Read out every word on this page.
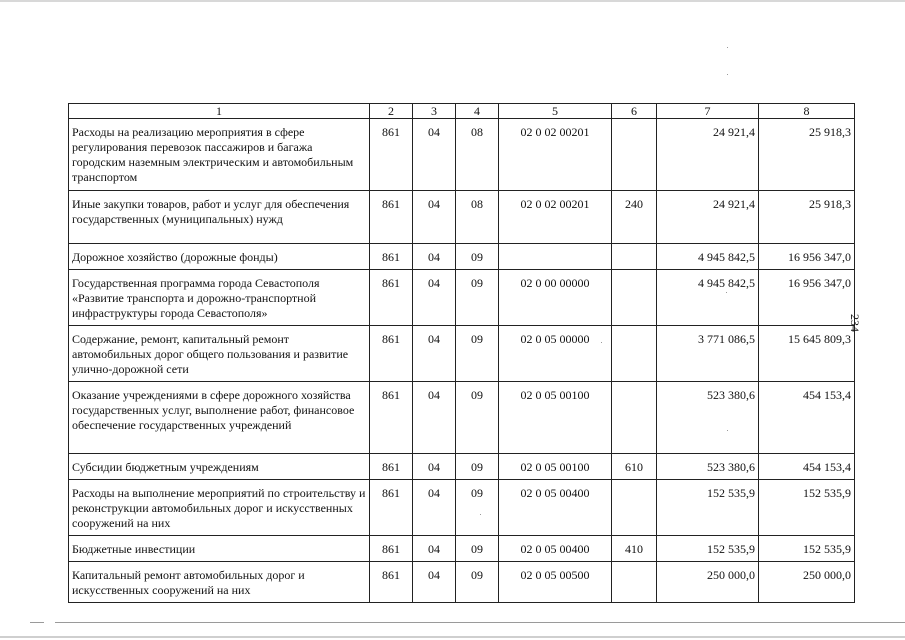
1	2	3	4	5	6	7	8
Расходы на реализацию мероприятия в сфере регулирования перевозок пассажиров и багажа городским наземным электрическим и автомобильным транспортом	861	04	08	02 0 02 00201		24 921,4	25 918,3
Иные закупки товаров, работ и услуг для обеспечения государственных (муниципальных) нужд	861	04	08	02 0 02 00201	240	24 921,4	25 918,3
Дорожное хозяйство (дорожные фонды)	861	04	09			4 945 842,5	16 956 347,0
Государственная программа города Севастополя «Развитие транспорта и дорожно-транспортной инфраструктуры города Севастополя»	861	04	09	02 0 00 00000		4 945 842,5	16 956 347,0
Содержание, ремонт, капитальный ремонт автомобильных дорог общего пользования и развитие улично-дорожной сети	861	04	09	02 0 05 00000		3 771 086,5	15 645 809,3
Оказание учреждениями в сфере дорожного хозяйства государственных услуг, выполнение работ, финансовое обеспечение государственных учреждений	861	04	09	02 0 05 00100		523 380,6	454 153,4
Субсидии бюджетным учреждениям	861	04	09	02 0 05 00100	610	523 380,6	454 153,4
Расходы на выполнение мероприятий по строительству и реконструкции автомобильных дорог и искусственных сооружений на них	861	04	09	02 0 05 00400		152 535,9	152 535,9
Бюджетные инвестиции	861	04	09	02 0 05 00400	410	152 535,9	152 535,9
Капитальный ремонт автомобильных дорог и искусственных сооружений на них	861	04	09	02 0 05 00500		250 000,0	250 000,0
234
